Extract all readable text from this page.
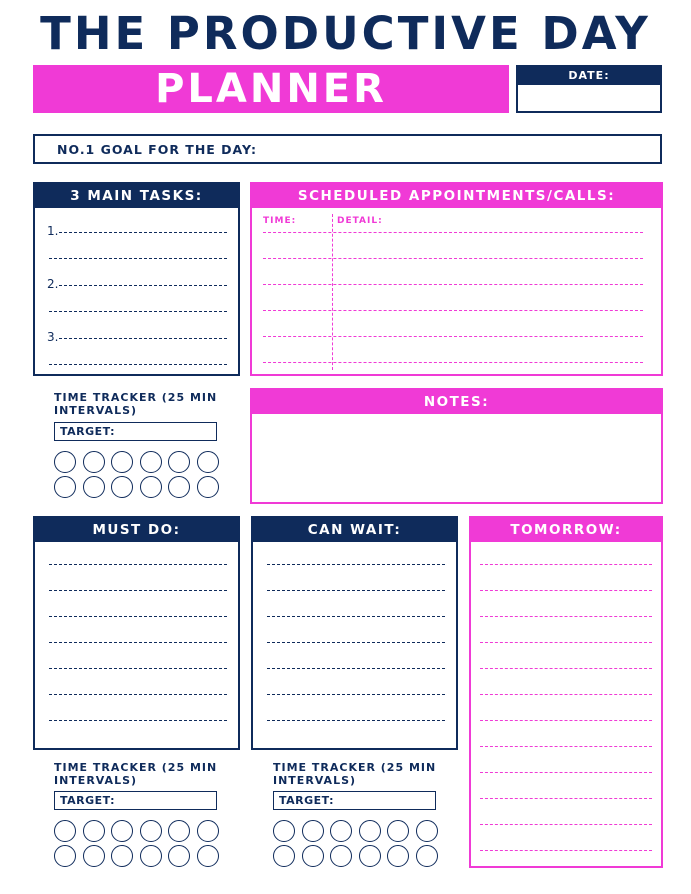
THE PRODUCTIVE DAY
PLANNER	DATE:
NO.1 GOAL FOR THE DAY:
3 MAIN TASKS:
1.
2.
3.
SCHEDULED APPOINTMENTS/CALLS:
TIME:	DETAIL:
TIME TRACKER (25 MIN
INTERVALS)
TARGET:
NOTES:
MUST DO:	CAN WAIT:	TOMORROW:
TIME TRACKER (25 MIN
INTERVALS)
TARGET:
TIME TRACKER (25 MIN
INTERVALS)
TARGET:
